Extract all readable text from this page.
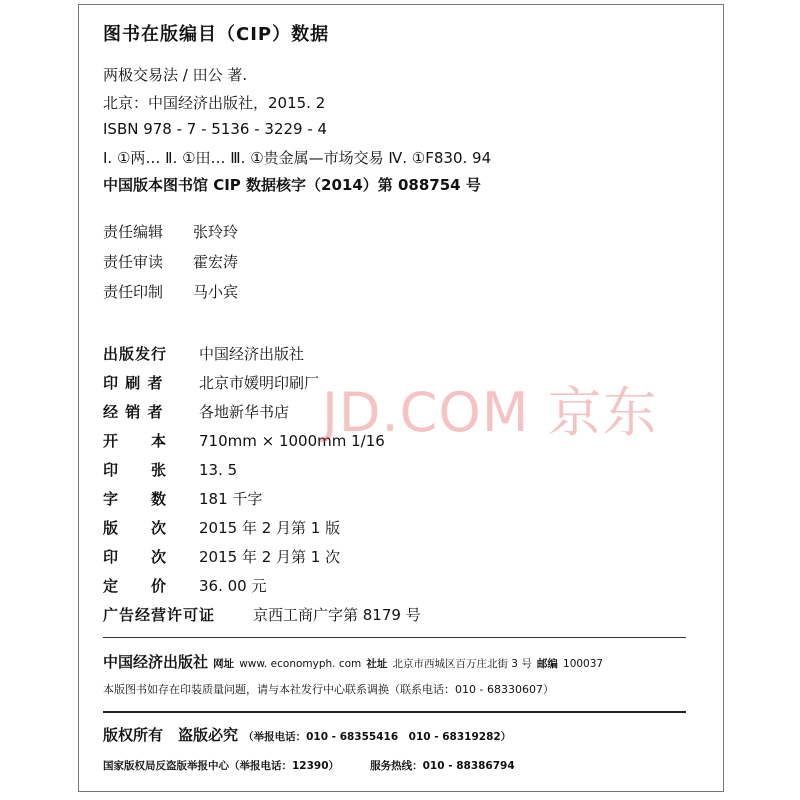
图书在版编目（CIP）数据
两极交易法 / 田公 著.
北京：中国经济出版社，2015. 2
ISBN 978 - 7 - 5136 - 3229 - 4
Ⅰ. ①两… Ⅱ. ①田… Ⅲ. ①贵金属—市场交易 Ⅳ. ①F830. 94
中国版本图书馆 CIP 数据核字（2014）第 088754 号
责任编辑 张玲玲
责任审读 霍宏涛
责任印制 马小宾
出版发行 中国经济出版社
印 刷 者 北京市媛明印刷厂
经 销 者 各地新华书店
开　　本 710mm × 1000mm 1/16
印　　张 13. 5
字　　数 181 千字
版　　次 2015 年 2 月第 1 版
印　　次 2015 年 2 月第 1 次
定　　价 36. 00 元
广告经营许可证	京西工商广字第 8179 号
JD.COM 京东
中国经济出版社 网址 www. economyph. com 社址 北京市西城区百万庄北街 3 号 邮编 100037
本版图书如存在印装质量问题，请与本社发行中心联系调换（联系电话：010 - 68330607）
版权所有　盗版必究 （举报电话：010 - 68355416　010 - 68319282）
国家版权局反盗版举报中心（举报电话：12390）	服务热线：010 - 88386794
